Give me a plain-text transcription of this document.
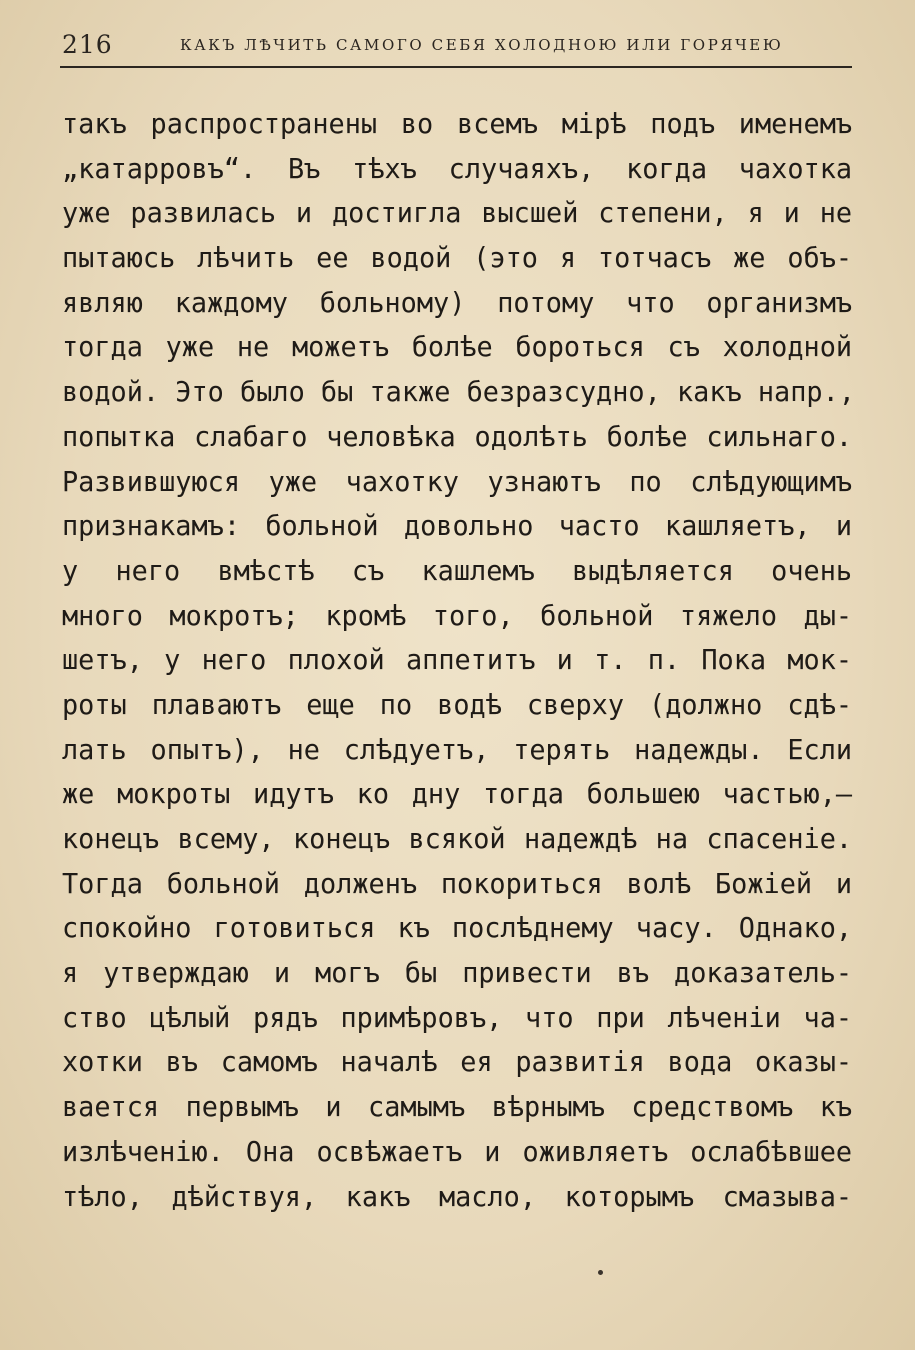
216	КАКЪ ЛѢЧИТЬ САМОГО СЕБЯ ХОЛОДНОЮ ИЛИ ГОРЯЧЕЮ
такъ распространены во всемъ мірѣ подъ именемъ
„катарровъ“. Въ тѣхъ случаяхъ, когда чахотка
уже развилась и достигла высшей степени, я и не
пытаюсь лѣчить ее водой (это я тотчасъ же объ-
являю каждому больному) потому что организмъ
тогда уже не можетъ болѣе бороться съ холодной
водой. Это было бы также безразсудно, какъ напр.,
попытка слабаго человѣка одолѣть болѣе сильнаго.
Развившуюся уже чахотку узнаютъ по слѣдующимъ
признакамъ: больной довольно часто кашляетъ, и
у него вмѣстѣ съ кашлемъ выдѣляется очень
много мокротъ; кромѣ того, больной тяжело ды-
шетъ, у него плохой аппетитъ и т. п. Пока мок-
роты плаваютъ еще по водѣ сверху (должно сдѣ-
лать опытъ), не слѣдуетъ, терять надежды. Если
же мокроты идутъ ко дну тогда большею частью,—
конецъ всему, конецъ всякой надеждѣ на спасеніе.
Тогда больной долженъ покориться волѣ Божіей и
спокойно готовиться къ послѣднему часу. Однако,
я утверждаю и могъ бы привести въ доказатель-
ство цѣлый рядъ примѣровъ, что при лѣченіи ча-
хотки въ самомъ началѣ ея развитія вода оказы-
вается первымъ и самымъ вѣрнымъ средствомъ къ
излѣченію. Она освѣжаетъ и оживляетъ ослабѣвшее
тѣло, дѣйствуя, какъ масло, которымъ смазыва-
